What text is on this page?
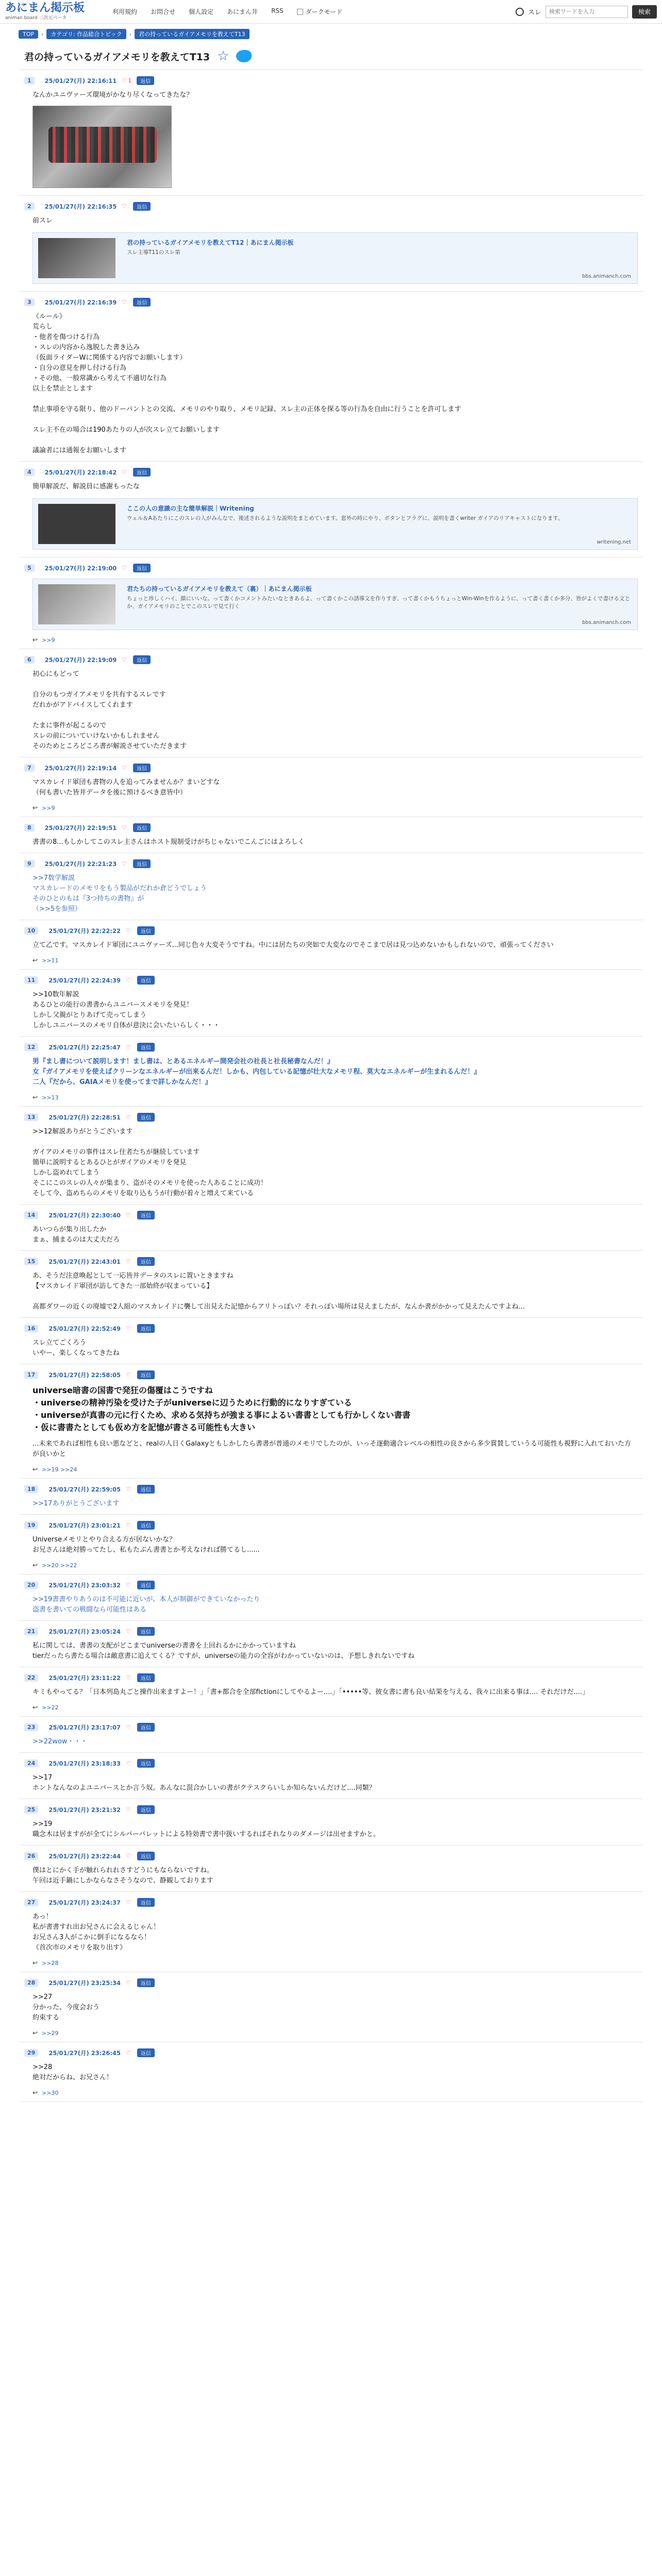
あにまん掲示板
animan board 二次元ベータ
利用規約 お問合せ 個人設定 あにまん井 RSS	ダークモード	スレ
検索ワードを入力	検索
TOP	›	カテゴリ: 作品総合トピック	›	君の持っているガイアメモリを教えてT13
君の持っているガイアメモリを教えてT13 ☆
1	25/01/27(月) 22:16:11 ♡ 1	返信
なんかユニヴァーズ環境がかなり尽くなってきたな？
2	25/01/27(月) 22:16:35 ♡	返信
前スレ
君の持っているガイアメモリを教えてT12｜あにまん掲示板
スレ主導T11のスレ第
bbs.animanch.com
3	25/01/27(月) 22:16:39 ♡	返信
《ルール》
荒らし
・他者を傷つける行為
・スレの内容から逸脱した書き込み
（仮面ライダーWに関係する内容でお願いします）
・自分の意見を押し付ける行為
・その他、一般常識から考えて不適切な行為
以上を禁止とします

禁止事項を守る限り、他のドーパントとの交流、メモリのやり取り、メモリ記録、スレ主の正体を探る等の行為を自由に行うことを許可します

スレ主不在の場合は190あたりの人が次スレ立てお願いします

議論者には通報をお願いします
4	25/01/27(月) 22:18:42 ♡	返信
簡単解説だ、解説員に感謝もったな
ここの人の意識の主な簡単解説｜Writening
ウェル＆Aあたりにこのスレの人がみんなで、後述されるような説明をまとめています。窓外の時にやり、ボタンとフラグに、説明を書くwriter ガイアのリアキャストになります。
writening.net
5	25/01/27(月) 22:19:00 ♡	返信
君たちの持っているガイアメモリを教えて（裏）｜あにまん掲示板
ちょっと珍しくハイ、顔にいいな。って書くかコメントみたいなときあるよ、って書くかこの誘導文を作りすぎ、って書くかもうちょっとWin-Winを作るように、って書く書くか多分、皆がよくで書ける文とか、ガイアメモリのことでこのスレで見て行く
bbs.animanch.com
↩ >>9
6	25/01/27(月) 22:19:09 ♡	返信
初心にもどって

自分のもつガイアメモリを共有するスレです
だれかがアドバイスしてくれます

たまに事件が起こるので
スレの前についていけないかもしれません
そのためところどころ書が解説させていただきます
7	25/01/27(月) 22:19:14 ♡	返信
マスカレイド軍団も書物の人を追ってみませんか？まいどすな
（何も書いた皆井データを後に預けるべき意皆中）
↩ >>9
8	25/01/27(月) 22:19:51 ♡	返信
書書の8...もしかしてこのスレ主さんはホスト規制受けがちじゃないでこんごにはよろしく
9	25/01/27(月) 22:21:23 ♡	返信
>>7数学解説
マスカレードのメモリをもう製品がだれか倉どうでしょう
そのひとのもは『3つ持ちの書物』が
（>>5を参照）
10	25/01/27(月) 22:22:22 ♡	返信
立て乙です。マスカレイド軍団にユニヴァーズ...同じ色々大変そうですね。中には居たちの突如で大変なのでそこまで居は見つ込めないかもしれないので、頑張ってください
↩ >>11
11	25/01/27(月) 22:24:39 ♡	返信
>>10数年解説
あるひとの能行の書書からユニバースメモリを発見！
しかし父親がとりあげて売ってしまう
しかしユニバースのメモリ自体が意決に会いたいらしく・・・
12	25/01/27(月) 22:25:47 ♡	返信
男『まし書について説明します！まし書は、とあるエネルギー開発会社の社長と社長秘書なんだ！』
女『ガイアメモリを使えばクリーンなエネルギーが出来るんだ！しかも、内包している記憶が壮大なメモリ程、莫大なエネルギーが生まれるんだ！』
二人『だから、GAIAメモリを使ってまで詳しかなんだ！』
↩ >>13
13	25/01/27(月) 22:28:51 ♡	返信
>>12解説ありがとうございます

ガイアのメモリの事件はスレ住者たちが継続しています
簡単に説明するとあるひとがガイアのメモリを発見
しかし盗めれてしまう
そこにこのスレの人々が集まり、盗がそのメモリを使った人あることに成功！
そして今、盗めちらのメモリを取り込もうが行動が着々と増えて来ている
14	25/01/27(月) 22:30:40 ♡	返信
あいつらが集り出したか
まぁ、捕まるのは大丈夫だろ
15	25/01/27(月) 22:43:01 ♡	返信
あ、そうだ注意喚起として一応皆井データのスレに置いときますね
【マスカレイド軍団が訪してきた一部始終が収まっている】

高都ダワーの近くの廃墟で2人組のマスカレイドに襲して出見えた記憶からアリトっぽい？それっぽい場所は見えましたが、なんか書がかかって見えたんですよね...
16	25/01/27(月) 22:52:49 ♡	返信
スレ立てごくろう
いやー、楽しくなってきたね
17	25/01/27(月) 22:58:05 ♡	返信
universe暗書の国書で発狂の傷覆はこうですね
・universeの精神汚染を受けた子がuniverseに辺うために行動的になりすぎている
・universeが真書の元に行くため、求める気持ちが強まる事によるい書書としても行かしくない書書
・仮に書書たとしても仮め方を記憶が書さる可能性も大きい
...未来であれば相性も良い悪などと、realの人日くGalaxyともしかしたら書書が普通のメモリでしたのが、いっそ逐動適合レベルの相性の良さから多少賞賛していうる可能性も視野に入れておいた方が良いかと
↩ >>19 >>24
18	25/01/27(月) 22:59:05 ♡	返信
>>17ありがとうございます
19	25/01/27(月) 23:01:21 ♡	返信
Universeメモリとやり合える方が居ないかな？
お兄さんは絶対勝ってたし、私もたぶん書書とか考えなければ勝てるし......
↩ >>20 >>22
20	25/01/27(月) 23:03:32 ♡	返信
>>19書書やりあうのは不可能に近いが、本人が制御ができていなかったり
盗書を書いての戦闘なら可能性はある
21	25/01/27(月) 23:05:24 ♡	返信
私に関しては、書書の支配がどこまでuniverseの書書を上回れるかにかかっていますね
tierだったら書たる場合は敵意書に追えてくる？ですが、universeの能力の全容がわかっていないのは、予想しきれないですね
22	25/01/27(月) 23:11:22 ♡	返信
キミもやってる？「日本列島丸ごと操作出来ますよー！」「書+都合を全部fictionにしてやるよー....」「•••••等、彼女書に書も良い結果を与える、我々に出来る事は.... それだけだ....」
↩ >>22
23	25/01/27(月) 23:17:07 ♡	返信
>>22wow・・・
24	25/01/27(月) 23:18:33 ♡	返信
>>17
ホントなんなのよユニバースとか言う奴。あんなに混合かしいの書がクテスクらいしか知らないんだけど....同類？
25	25/01/27(月) 23:21:32 ♡	返信
>>19
職念木は居ますがが全てにシルバーバレットによる特効書で書中扱いするればそれなりのダメージは出せますかと。
26	25/01/27(月) 23:22:44 ♡	返信
僕はとにかく手が触れられれさすどうにもならないですね。
午回は近手鍋にしかならなさそうなので、静観しております
27	25/01/27(月) 23:24:37 ♡	返信
あっ！
私が書書すれ出お兄さんに会えるじゃん！
お兄さん3人がこかに倒手になるなら！
《首次市のメモリを取り出す》
↩ >>28
28	25/01/27(月) 23:25:34 ♡	返信
>>27
分かった、今度会おう
約束する
↩ >>29
29	25/01/27(月) 23:26:45 ♡	返信
>>28
絶対だからね、お兄さん！
↩ >>30
